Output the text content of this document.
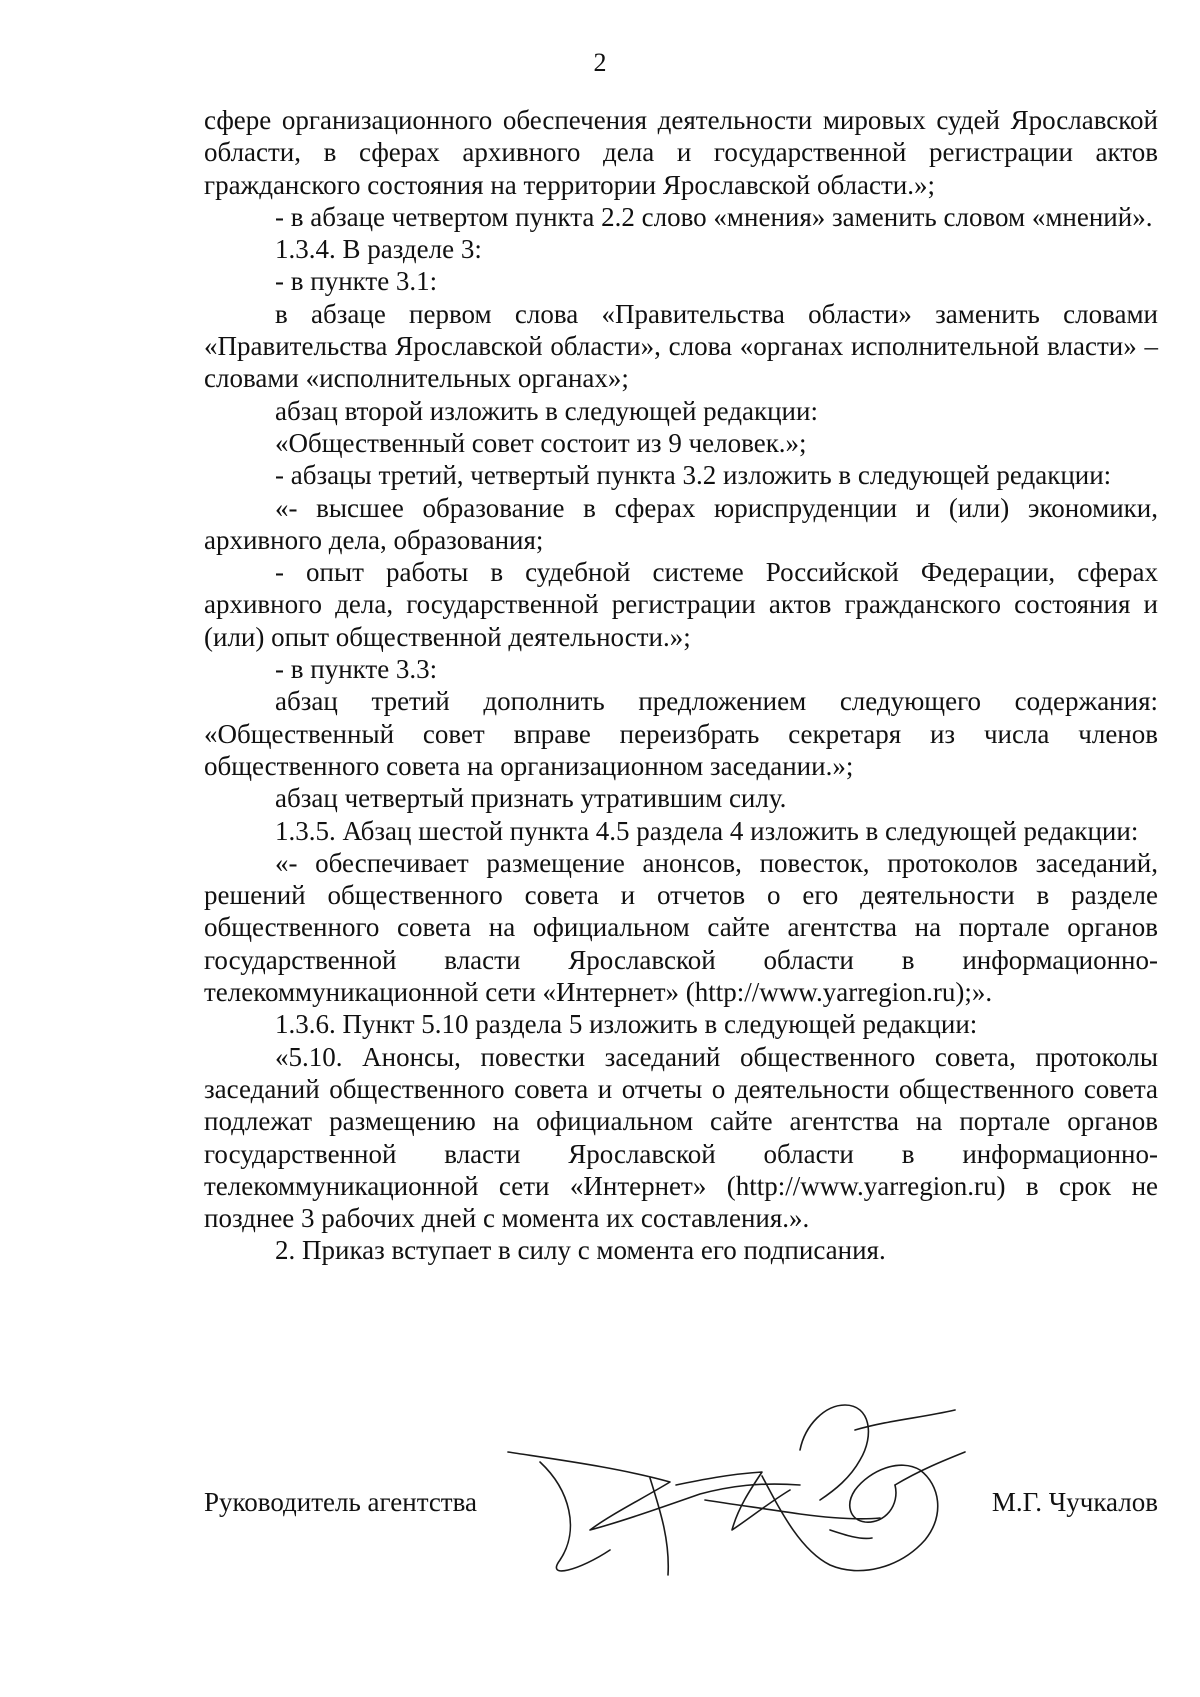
2

сфере организационного обеспечения деятельности мировых судей Ярославской области, в сферах архивного дела и государственной регистрации актов гражданского состояния на территории Ярославской области.»;

- в абзаце четвертом пункта 2.2 слово «мнения» заменить словом «мнений».

1.3.4. В разделе 3:

- в пункте 3.1:

в абзаце первом слова «Правительства области» заменить словами «Правительства Ярославской области», слова «органах исполнительной власти» – словами «исполнительных органах»;

абзац второй изложить в следующей редакции:

«Общественный совет состоит из 9 человек.»;

- абзацы третий, четвертый пункта 3.2 изложить в следующей редакции:

«- высшее образование в сферах юриспруденции и (или) экономики, архивного дела, образования;

- опыт работы в судебной системе Российской Федерации, сферах архивного дела, государственной регистрации актов гражданского состояния и (или) опыт общественной деятельности.»;

- в пункте 3.3:

абзац третий дополнить предложением следующего содержания: «Общественный совет вправе переизбрать секретаря из числа членов общественного совета на организационном заседании.»;

абзац четвертый признать утратившим силу.

1.3.5. Абзац шестой пункта 4.5 раздела 4 изложить в следующей редакции:

«- обеспечивает размещение анонсов, повесток, протоколов заседаний, решений общественного совета и отчетов о его деятельности в разделе общественного совета на официальном сайте агентства на портале органов государственной власти Ярославской области в информационно-телекоммуникационной сети «Интернет» (http://www.yarregion.ru);».

1.3.6. Пункт 5.10 раздела 5 изложить в следующей редакции:

«5.10. Анонсы, повестки заседаний общественного совета, протоколы заседаний общественного совета и отчеты о деятельности общественного совета подлежат размещению на официальном сайте агентства на портале органов государственной власти Ярославской области в информационно-телекоммуникационной сети «Интернет» (http://www.yarregion.ru) в срок не позднее 3 рабочих дней с момента их составления.».

2. Приказ вступает в силу с момента его подписания.

Руководитель агентства	М.Г. Чучкалов
